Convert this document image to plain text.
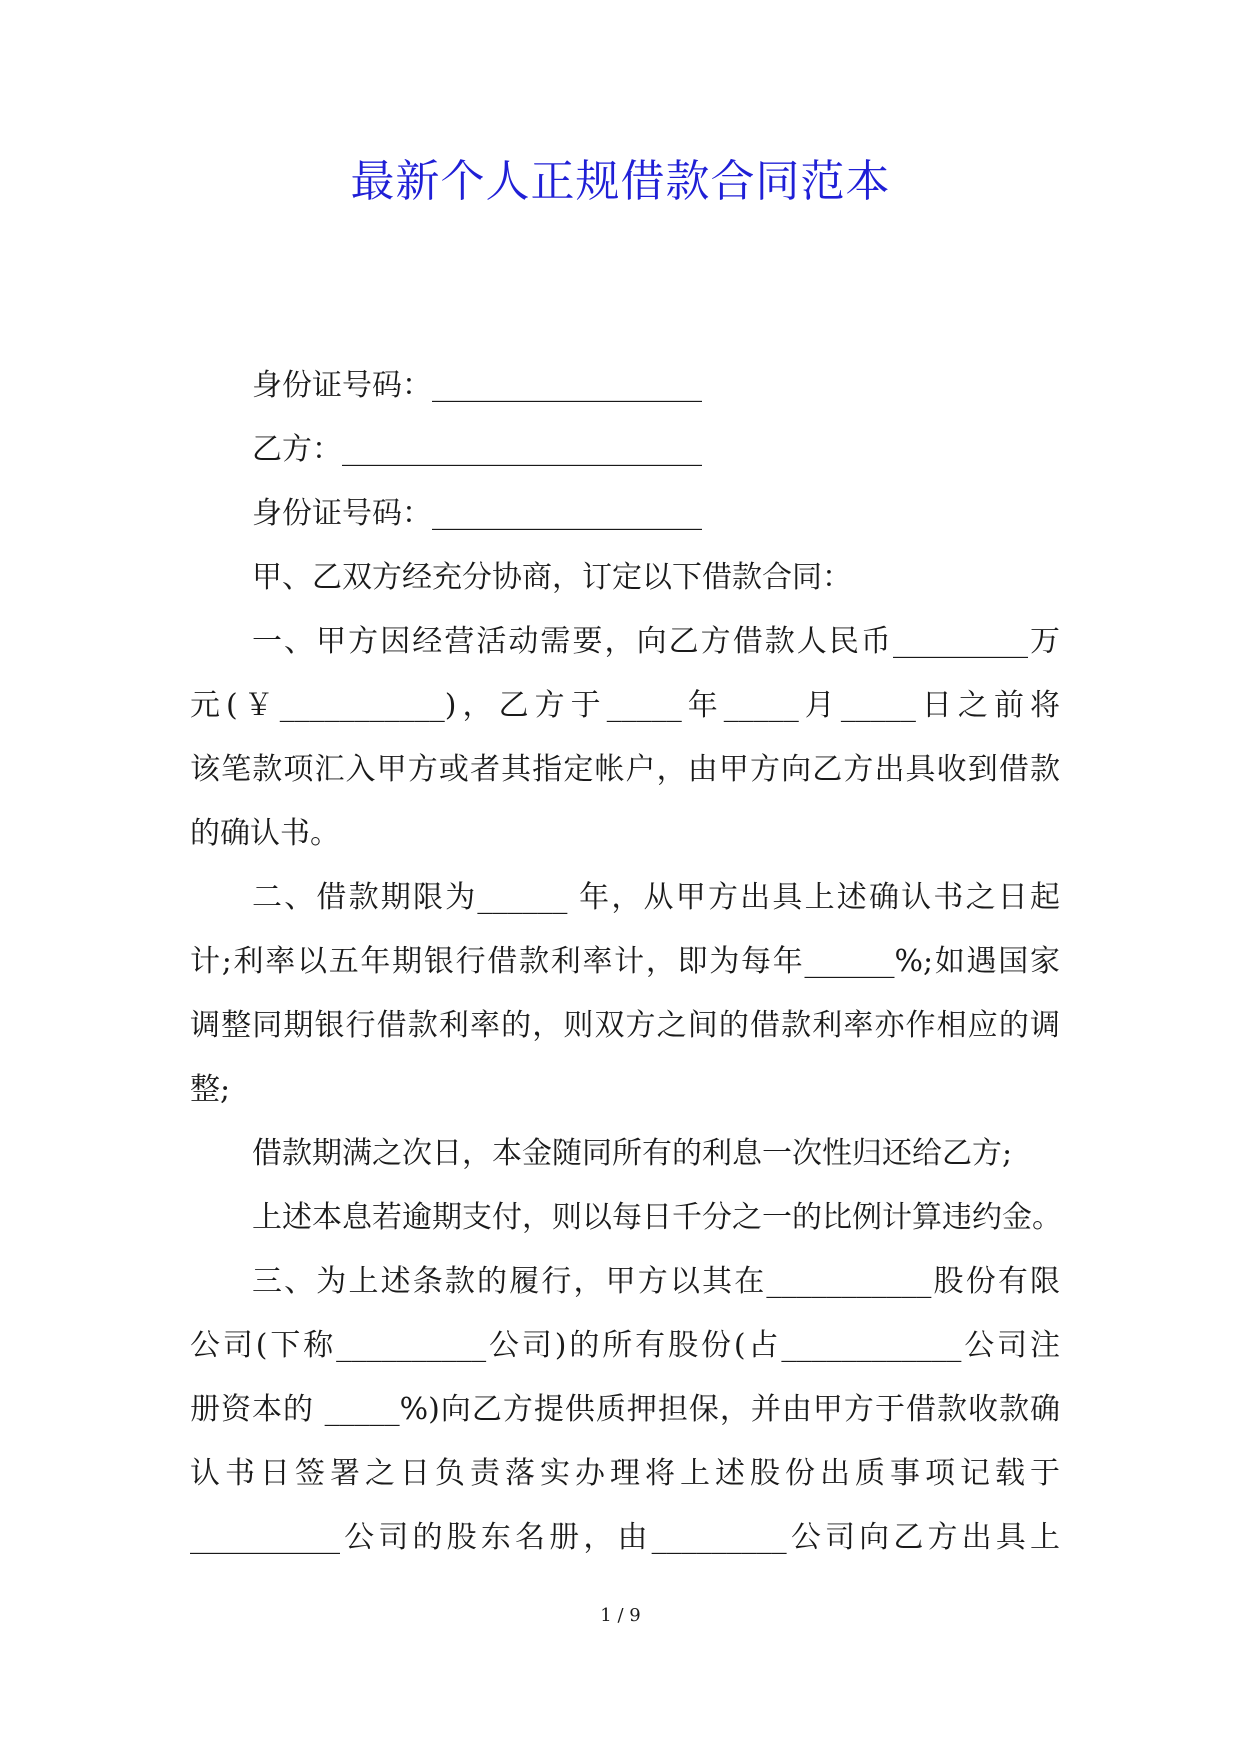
最新个人正规借款合同范本
身份证号码：__________________
乙方：________________________
身份证号码：__________________
甲、乙双方经充分协商，订定以下借款合同：
一、甲方因经营活动需要，向乙方借款人民币_________万
元(￥___________)，乙方于_____年_____月_____日之前将
该笔款项汇入甲方或者其指定帐户，由甲方向乙方出具收到借款
的确认书。
二、借款期限为______ 年，从甲方出具上述确认书之日起
计;利率以五年期银行借款利率计，即为每年______%;如遇国家
调整同期银行借款利率的，则双方之间的借款利率亦作相应的调
整;
借款期满之次日，本金随同所有的利息一次性归还给乙方;
上述本息若逾期支付，则以每日千分之一的比例计算违约金。
三、为上述条款的履行，甲方以其在___________股份有限
公司(下称__________公司)的所有股份(占____________公司注
册资本的 _____%)向乙方提供质押担保，并由甲方于借款收款确
认书日签署之日负责落实办理将上述股份出质事项记载于
__________公司的股东名册，由_________公司向乙方出具上
1 / 9
